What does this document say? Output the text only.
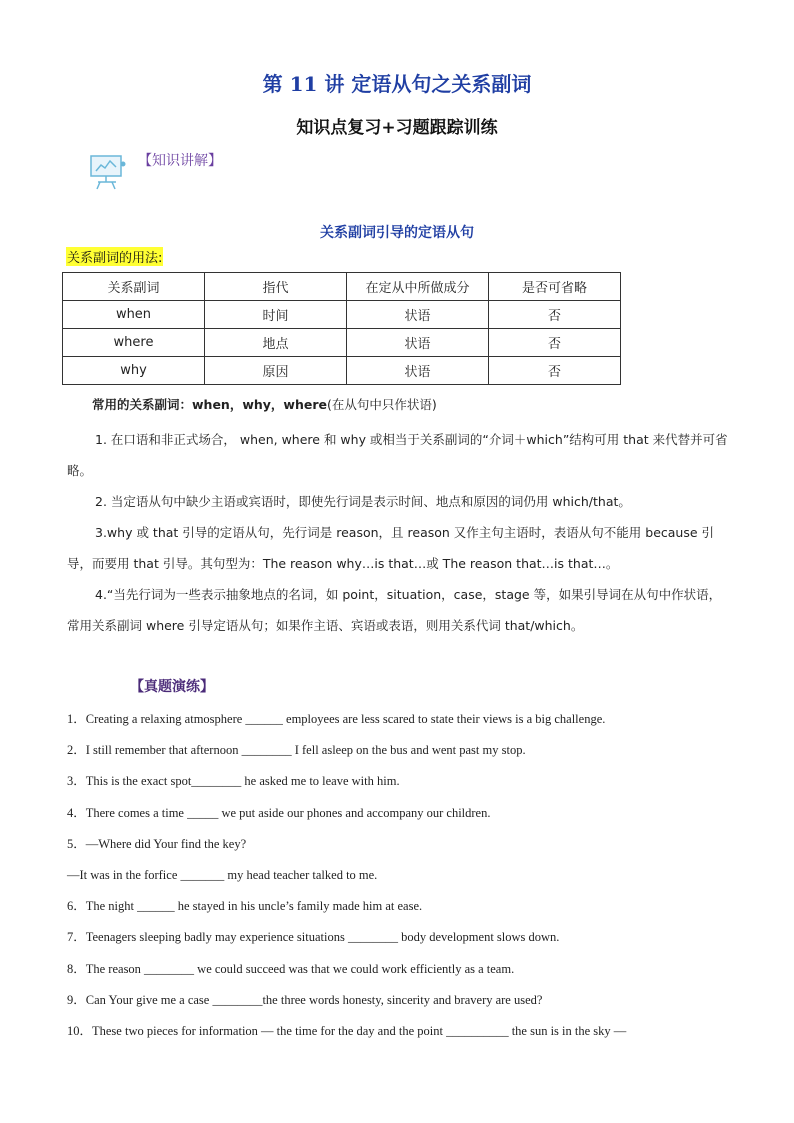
第 11 讲 定语从句之关系副词
知识点复习+习题跟踪训练
【知识讲解】
关系副词引导的定语从句
关系副词的用法:
关系副词	指代	在定从中所做成分	是否可省略
when	时间	状语	否
where	地点	状语	否
why	原因	状语	否
常用的关系副词：when，why，where(在从句中只作状语)

1. 在口语和非正式场合， when, where 和 why 或相当于关系副词的“介词＋which”结构可用 that 来代替并可省略。

2. 当定语从句中缺少主语或宾语时，即使先行词是表示时间、地点和原因的词仍用 which/that。

3.why 或 that 引导的定语从句，先行词是 reason，且 reason 又作主句主语时，表语从句不能用 because 引导，而要用 that 引导。其句型为：The reason why…is that…或 The reason that…is that…。

4.“当先行词为一些表示抽象地点的名词，如 point，situation，case，stage 等，如果引导词在从句中作状语，常用关系副词 where 引导定语从句；如果作主语、宾语或表语，则用关系代词 that/which。

【真题演练】
1．Creating a relaxing atmosphere ______ employees are less scared to state their views is a big challenge.
2．I still remember that afternoon ________ I fell asleep on the bus and went past my stop.
3．This is the exact spot________ he asked me to leave with him.
4．There comes a time _____ we put aside our phones and accompany our children.
5．—Where did Your find the key?
—It was in the forfice _______ my head teacher talked to me.
6．The night ______ he stayed in his uncle’s family made him at ease.
7．Teenagers sleeping badly may experience situations ________ body development slows down.
8．The reason ________ we could succeed was that we could work efficiently as a team.
9．Can Your give me a case ________the three words honesty, sincerity and bravery are used?
10．These two pieces for information — the time for the day and the point __________ the sun is in the sky —
